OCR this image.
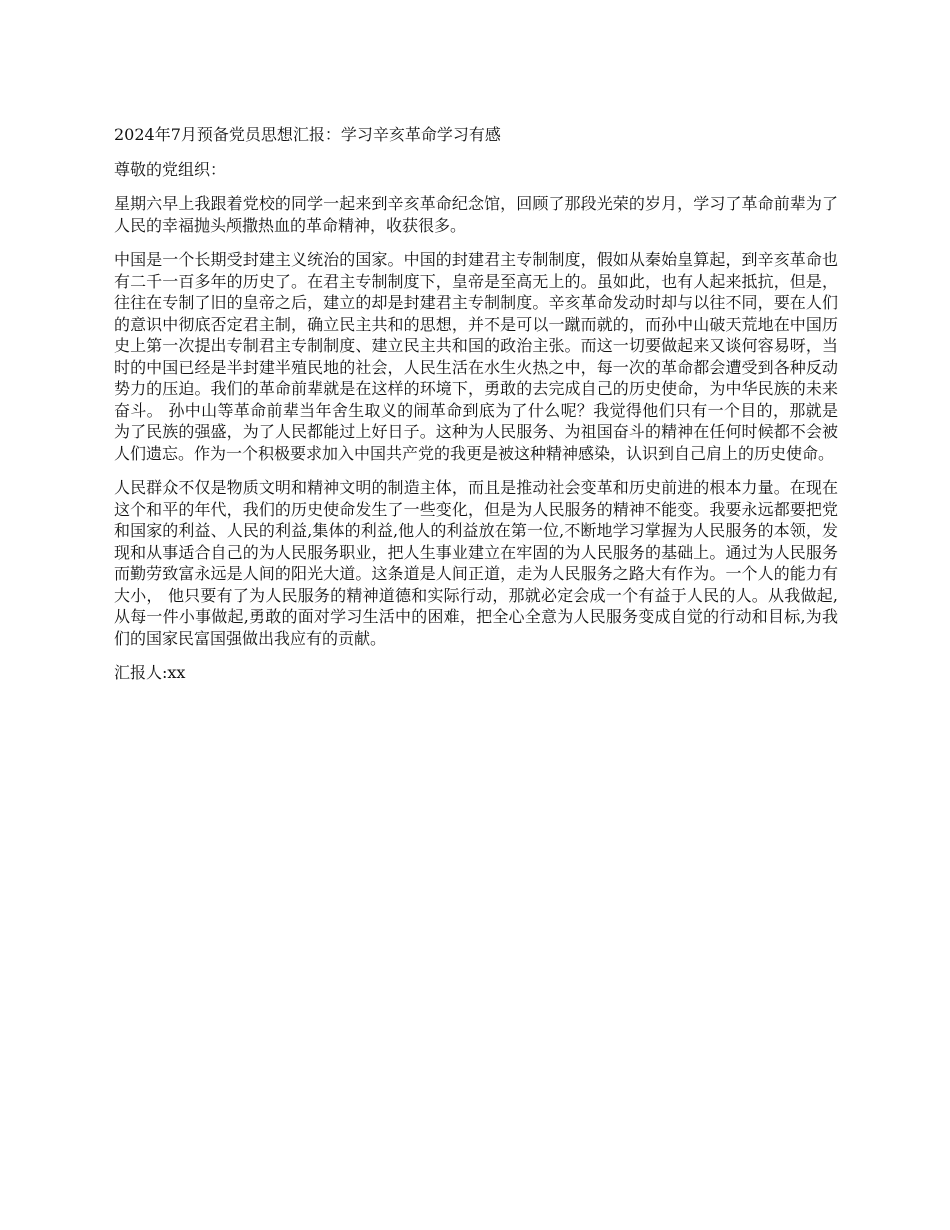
2024年7月预备党员思想汇报：学习辛亥革命学习有感

尊敬的党组织：

星期六早上我跟着党校的同学一起来到辛亥革命纪念馆，回顾了那段光荣的岁月，学习了革命前辈为了人民的幸福抛头颅撒热血的革命精神，收获很多。

中国是一个长期受封建主义统治的国家。中国的封建君主专制制度，假如从秦始皇算起，到辛亥革命也有二千一百多年的历史了。在君主专制制度下，皇帝是至高无上的。虽如此，也有人起来抵抗，但是，往往在专制了旧的皇帝之后，建立的却是封建君主专制制度。辛亥革命发动时却与以往不同，要在人们的意识中彻底否定君主制，确立民主共和的思想，并不是可以一蹴而就的，而孙中山破天荒地在中国历史上第一次提出专制君主专制制度、建立民主共和国的政治主张。而这一切要做起来又谈何容易呀，当时的中国已经是半封建半殖民地的社会，人民生活在水生火热之中，每一次的革命都会遭受到各种反动势力的压迫。我们的革命前辈就是在这样的环境下，勇敢的去完成自己的历史使命，为中华民族的未来奋斗。 孙中山等革命前辈当年舍生取义的闹革命到底为了什么呢？我觉得他们只有一个目的，那就是为了民族的强盛，为了人民都能过上好日子。这种为人民服务、为祖国奋斗的精神在任何时候都不会被人们遗忘。作为一个积极要求加入中国共产党的我更是被这种精神感染，认识到自己肩上的历史使命。

人民群众不仅是物质文明和精神文明的制造主体，而且是推动社会变革和历史前进的根本力量。在现在这个和平的年代，我们的历史使命发生了一些变化，但是为人民服务的精神不能变。我要永远都要把党和国家的利益、人民的利益,集体的利益,他人的利益放在第一位,不断地学习掌握为人民服务的本领，发现和从事适合自己的为人民服务职业，把人生事业建立在牢固的为人民服务的基础上。通过为人民服务而勤劳致富永远是人间的阳光大道。这条道是人间正道，走为人民服务之路大有作为。一个人的能力有大小， 他只要有了为人民服务的精神道德和实际行动，那就必定会成一个有益于人民的人。从我做起,从每一件小事做起,勇敢的面对学习生活中的困难，把全心全意为人民服务变成自觉的行动和目标,为我们的国家民富国强做出我应有的贡献。

汇报人:xx
